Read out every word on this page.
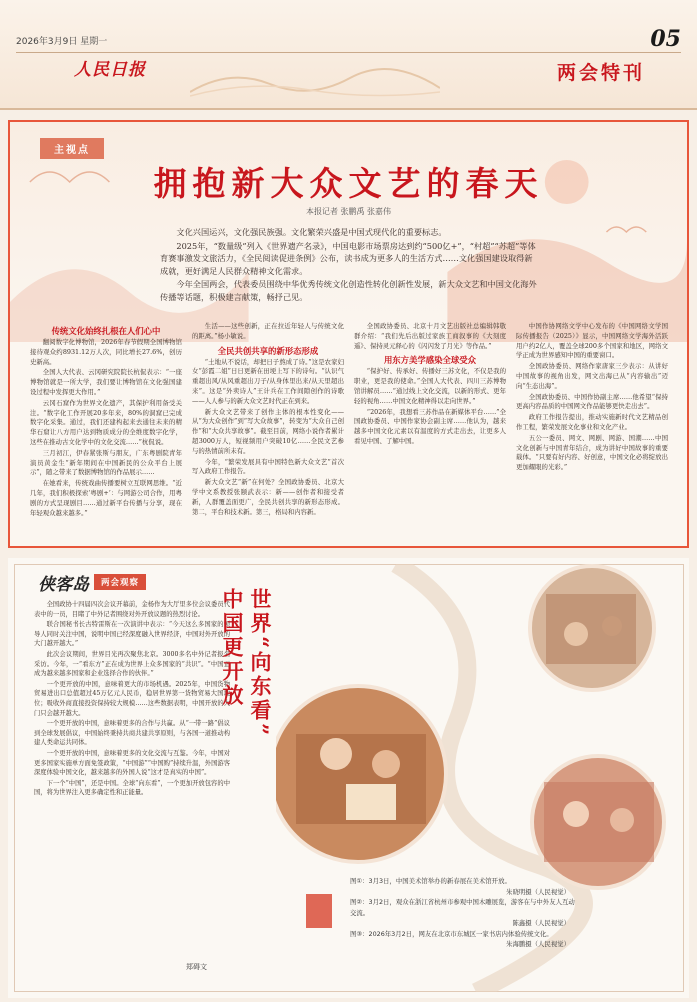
2026年3月9日 星期一
人民日报
05
两会特刊
主视点
拥抱新大众文艺的春天
本报记者 张鹏禹 张嘉伟

文化兴国运兴，文化强民族强。文化繁荣兴盛是中国式现代化的重要标志。

2025年，“数量级”列入《世界遗产名录》，中国电影市场票房达到约“500亿+”，“村超”“苏超”等体育赛事激发文旅活力，《全民阅读促进条例》公布，读书成为更多人的生活方式……文化强国建设取得新成就，更好满足人民群众精神文化需求。

今年全国两会，代表委员围绕中华优秀传统文化创造性转化创新性发展，新大众文艺和中国文化海外传播等话题，积极建言献策，畅抒己见。

传统文化始终扎根在人们心中

翻阅数字化博物馆，2026年春节假期全国博物馆接待观众约8931.12万人次，同比增长27.6%，创历史新高。

全国人大代表、云冈研究院院长杭侃表示：“一座博物馆就是一所大学，我们要让博物馆在文化强国建设过程中发挥更大作用。”

云冈石窟作为世界文化遗产，其保护利用备受关注。“数字化工作开展20多年来，80%的洞窟已完成数字化采集。通过，我们还建构起来去通往未来的精华石窟让八方用户达到物质成分的全维度数字化学，这些在推动古文化学中的文化交流……”杭侃说。

三月初江，伊春紧张斯与朋友，广东粤剧院青年演员黄金生“新年期间在中国新民的公众平台上展示”，随之带来了数据博物馆的作品展示……

在她看来，传统戏曲传播要树立互联网思维。“近几年，我们积极探索‘粤剧+’：与网游公司合作，用粤剧的方式呈现剧目……通过新平台传播与分享，现在年轻观众越来越多。”

生活——这些创新，正在拉近年轻人与传统文化的距离。”杨小敏说。

全民共创共享的新形态形成

“土地从不说话，却把日子熬成了诗。”这是农家妇女“彭霞二姐”日日更新在田埂上写下的诗句。“认识气重超出风/从风重超出刀子/从身体里出来/从天里超出来”。这是“外卖诗人”王计兵在工作间隙创作的诗歌——人人参与的新大众文艺时代正在到来。

新大众文艺带来了创作主体的根本性变化——从“为大众创作”到“写大众故事”，转变为“大众自己创作”和“大众共享故事”。截至目前，网络小说作者累计超3000万人，短视频用户突破10亿……全民文艺参与的热情前所未有。

今年，“繁荣发展具有中国特色新大众文艺”首次写入政府工作报告。

新大众文艺“新”在何处？全国政协委员、北京大学中文系教授张颐武表示：新——创作者和接受者新，人群覆盖面更广，全民共创共享的新形态形成。第二，平台和技术新。第三，格局和内容新。

全国政协委员、北京十月文艺出版社总编辑韩敬群介绍：“我们先后出版过家族工商叙事的《大刻度遥》、保持灵元释心的《闪闪发了月光》等作品。”

用东方美学感染全球受众

“保护好、传承好、传播好三苏文化，不仅是我的职业，更是我的使命。”全国人大代表、四川三苏博物馆讲解员……“通过线上文化交流，以新的形式、更年轻的视角……中国文化精神得以走向世界。”

“2026年，我想看三苏作品在新媒体平台……”全国政协委员、中国作家协会副主席……他认为，越来越多中国文化元素以有温度的方式走出去，让更多人看见中国、了解中国。

中国作协网络文学中心发布的《中国网络文学国际传播报告（2025）》显示，中国网络文学海外活跃用户约2亿人，覆盖全球200多个国家和地区，网络文学正成为世界感知中国的重要窗口。

全国政协委员、网络作家唐家三少表示：从讲好中国故事的视角出发，网文出海已从“内容输出”迈向“生态出海”。

全国政协委员、中国作协副主席……他希望“保持更高内容品质的中国网文作品能够更快走出去”。

政府工作报告提出，推动实施新时代文艺精品创作工程，繁荣发展文化事业和文化产业。

五公一委员、网文、网剧、网游、国潮……中国文化创新与中国青年结合，成为讲好中国故事的重要载体。“只要有好内容、好创意，中国文化必将绽放出更加耀眼的光彩。”

侠客岛	两会观察

全国政协十四届四次会议开幕前，金杨作为大厅里多位会议委员代表中的一员，目睹了中外记者围绕对外开放议题的热烈讨论。

联合国秘书长古特雷斯在一次演讲中表示：“今天这么多国家的领导人同时关注中国，说明中国已经深度融入世界经济，中国对外开放的大门越开越大。”

此次会议期间，世界目光再次聚焦北京。3000多名中外记者报名采访。今年，一“看东方”正在成为世界上众多国家的“共识”。“中国正成为越来越多国家和企业选择合作的伙伴。”

一个更开放的中国，意味着更大的市场机遇。2025年，中国货物贸易进出口总值超过45万亿元人民币，稳居世界第一货物贸易大国地位；吸收外商直接投资保持较大规模……这些数据表明，中国开放的大门只会越开越大。

一个更开放的中国，意味着更多的合作与共赢。从“一带一路”倡议到全球发展倡议，中国始终秉持共商共建共享原则，与各国一道推动构建人类命运共同体。

一个更开放的中国，意味着更多的文化交流与互鉴。今年，中国对更多国家实施单方面免签政策，“中国游”“中国购”持续升温，外国游客深度体验中国文化，越来越多的外国人说“这才是真实的中国”。

下一个“中国”，还是中国。全球“向东看”，一个更加开放包容的中国，将为世界注入更多确定性和正能量。

郑碍文
世界“向东看”
中国更开放

图①：3月3日，中国美术馆举办的新春展在美术馆开放。

朱晓明摄（人民视觉）

图②：3月2日，观众在浙江省杭州市参观中国木雕展览，游客在与中外友人互动交流。

陈鑫摄（人民视觉）

图③：2026年3月2日，网友在北京市东城区一家书店内体验传统文化。

朱海鹏摄（人民视觉）
